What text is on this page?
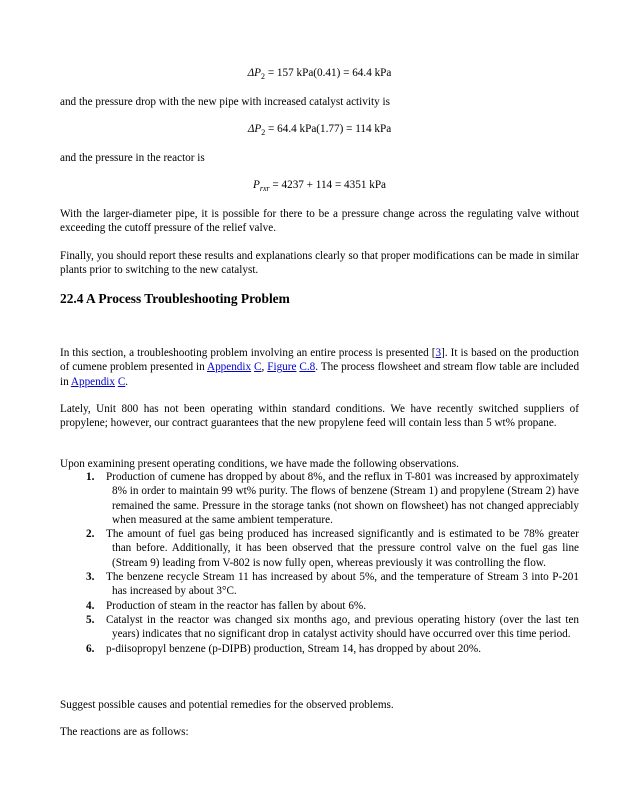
$\Delta P_2 = 157$ kPa(0.41) = 64.4 kPa
and the pressure drop with the new pipe with increased catalyst activity is
$\Delta P_2 = 64.4$ kPa(1.77) = 114 kPa
and the pressure in the reactor is
$P_{rxr} = 4237 + 114 = 4351$ kPa
With the larger-diameter pipe, it is possible for there to be a pressure change across the regulating valve without exceeding the cutoff pressure of the relief valve.
Finally, you should report these results and explanations clearly so that proper modifications can be made in similar plants prior to switching to the new catalyst.
22.4 A Process Troubleshooting Problem
In this section, a troubleshooting problem involving an entire process is presented [3]. It is based on the production of cumene problem presented in Appendix C, Figure C.8. The process flowsheet and stream flow table are included in Appendix C.
Lately, Unit 800 has not been operating within standard conditions. We have recently switched suppliers of propylene; however, our contract guarantees that the new propylene feed will contain less than 5 wt% propane.
Upon examining present operating conditions, we have made the following observations.
1. Production of cumene has dropped by about 8%, and the reflux in T-801 was increased by approximately 8% in order to maintain 99 wt% purity. The flows of benzene (Stream 1) and propylene (Stream 2) have remained the same. Pressure in the storage tanks (not shown on flowsheet) has not changed appreciably when measured at the same ambient temperature.
2. The amount of fuel gas being produced has increased significantly and is estimated to be 78% greater than before. Additionally, it has been observed that the pressure control valve on the fuel gas line (Stream 9) leading from V-802 is now fully open, whereas previously it was controlling the flow.
3. The benzene recycle Stream 11 has increased by about 5%, and the temperature of Stream 3 into P-201 has increased by about 3°C.
4. Production of steam in the reactor has fallen by about 6%.
5. Catalyst in the reactor was changed six months ago, and previous operating history (over the last ten years) indicates that no significant drop in catalyst activity should have occurred over this time period.
6. p-diisopropyl benzene (p-DIPB) production, Stream 14, has dropped by about 20%.
Suggest possible causes and potential remedies for the observed problems.
The reactions are as follows:
